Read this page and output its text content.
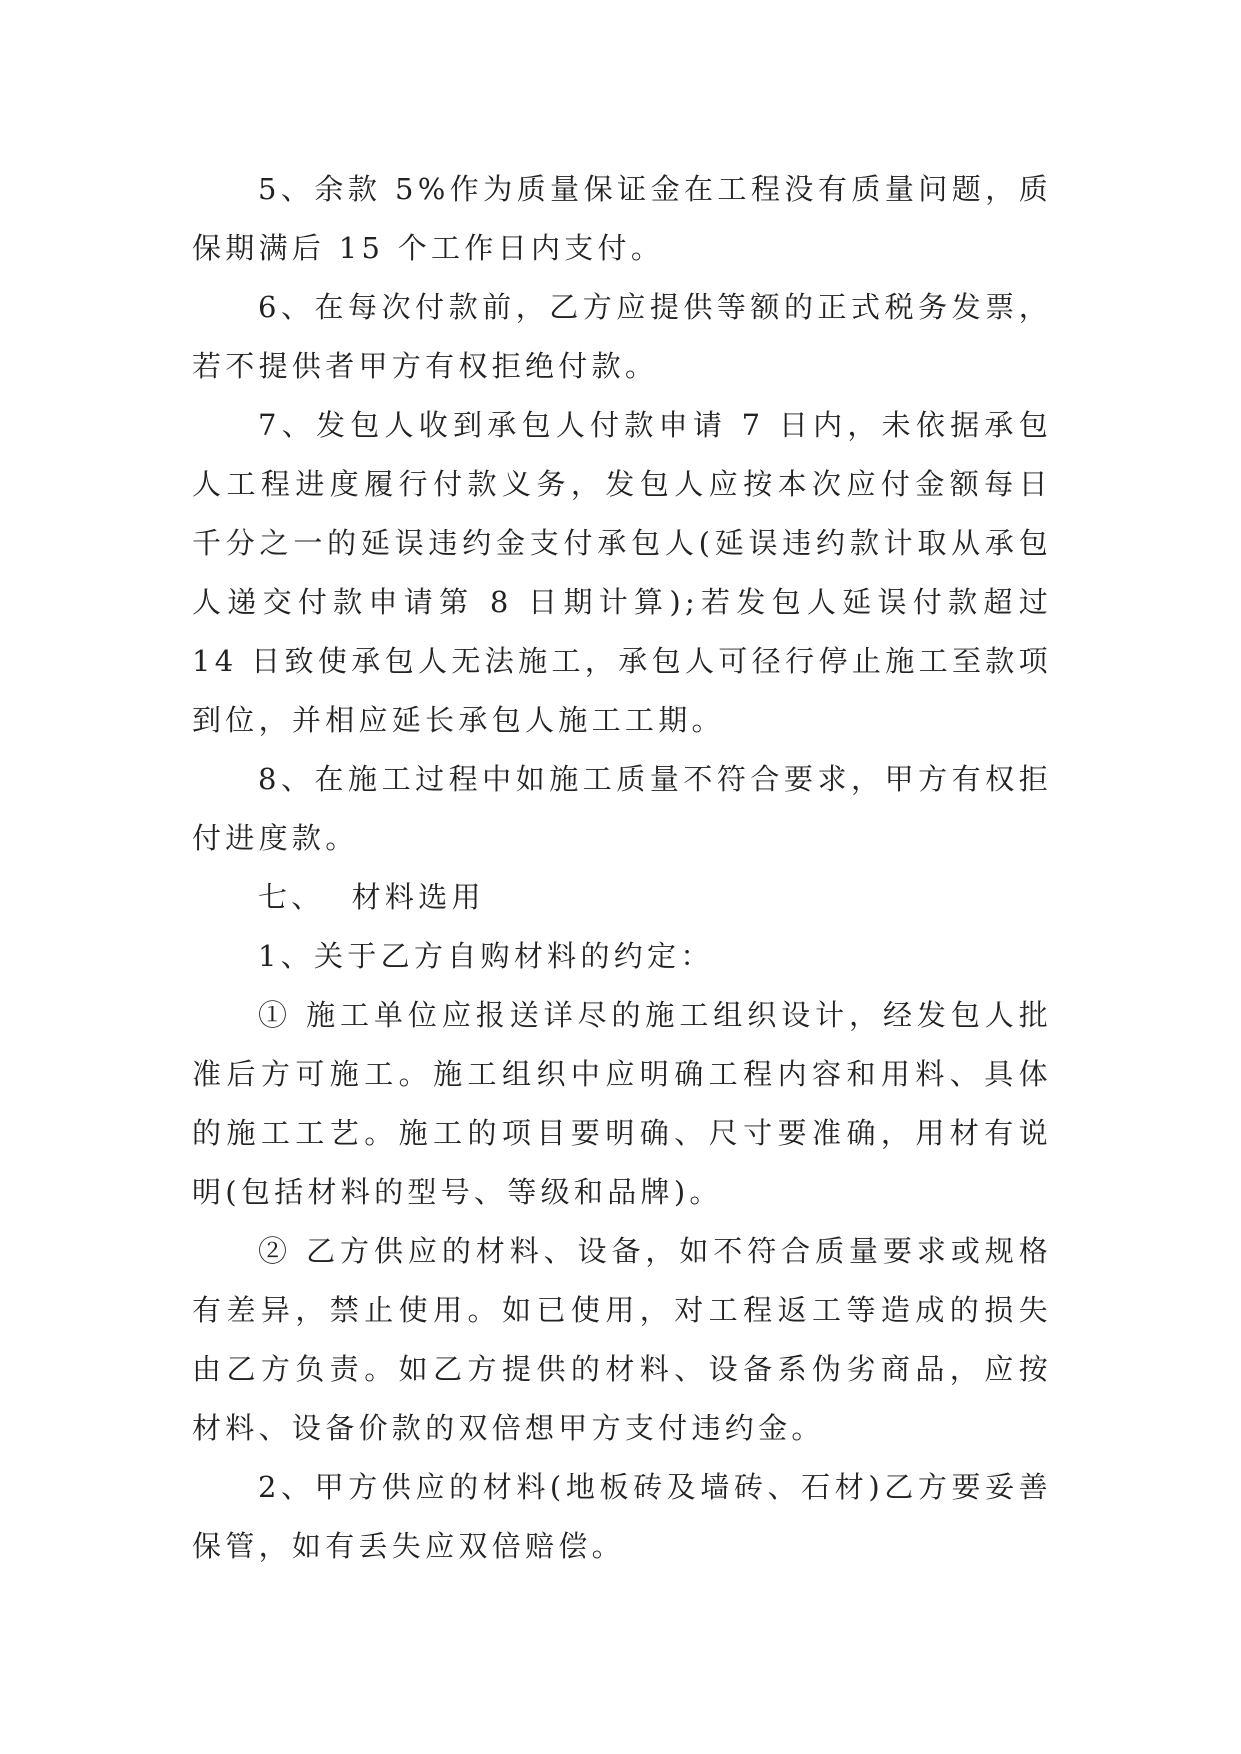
5、余款 5%作为质量保证金在工程没有质量问题，质保期满后 15 个工作日内支付。

6、在每次付款前，乙方应提供等额的正式税务发票，若不提供者甲方有权拒绝付款。

7、发包人收到承包人付款申请 7 日内，未依据承包人工程进度履行付款义务，发包人应按本次应付金额每日千分之一的延误违约金支付承包人(延误违约款计取从承包人递交付款申请第 8 日期计算);若发包人延误付款超过 14 日致使承包人无法施工，承包人可径行停止施工至款项到位，并相应延长承包人施工工期。

8、在施工过程中如施工质量不符合要求，甲方有权拒付进度款。

七、  材料选用

1、关于乙方自购材料的约定：

① 施工单位应报送详尽的施工组织设计，经发包人批准后方可施工。施工组织中应明确工程内容和用料、具体的施工工艺。施工的项目要明确、尺寸要准确，用材有说明(包括材料的型号、等级和品牌)。

② 乙方供应的材料、设备，如不符合质量要求或规格有差异，禁止使用。如已使用，对工程返工等造成的损失由乙方负责。如乙方提供的材料、设备系伪劣商品，应按材料、设备价款的双倍想甲方支付违约金。

2、甲方供应的材料(地板砖及墙砖、石材)乙方要妥善保管，如有丢失应双倍赔偿。
